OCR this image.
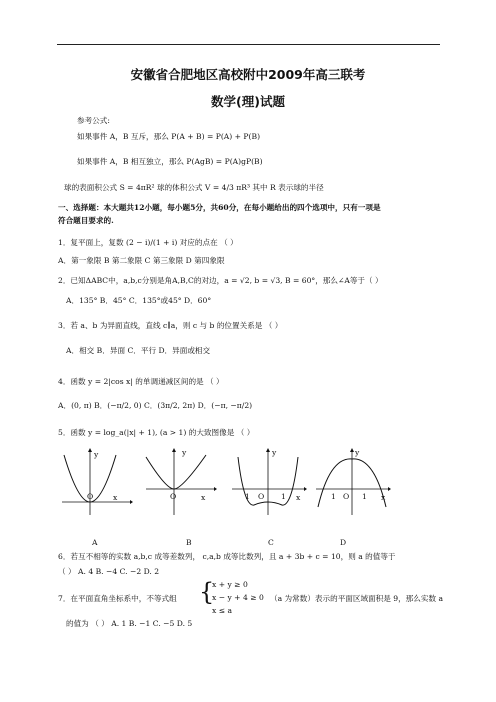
安徽省合肥地区高校附中2009年高三联考
数学(理)试题
参考公式:
如果事件 A，B 互斥，那么 P(A + B) = P(A) + P(B)
如果事件 A，B 相互独立，那么 P(AgB) = P(A)gP(B)
球的表面积公式 S = 4πR² 球的体积公式 V = 4/3 πR³ 其中 R 表示球的半径
一、选择题：本大题共12小题，每小题5分，共60分，在每小题给出的四个选项中，只有一项是
符合题目要求的.
1．复平面上，复数 (2 − i)/(1 + i) 对应的点在 （ ）
A．第一象限 B 第二象限 C 第三象限 D 第四象限
2．已知ΔABC中，a,b,c分别是角A,B,C的对边，a = √2, b = √3, B = 60°，那么∠A等于（ ）
A．135° B．45° C．135°或45° D．60°
3．若 a、b 为异面直线，直线 c∥a，则 c 与 b 的位置关系是 （ ）
A．相交 B．异面 C．平行 D．异面或相交
4．函数 y = 2|cos x| 的单调递减区间的是 （ ）
A．(0, π) B．(−π/2, 0) C．(3π/2, 2π) D．(−π, −π/2)
5．函数 y = log_a(|x| + 1), (a > 1) 的大致图像是 （ ）
y
O	x
y
O	x
y
1 O 1 x
y
1 O 1 x
A	B	C	D
6．若互不相等的实数 a,b,c 成等差数列， c,a,b 成等比数列，且 a + 3b + c = 10，则 a 的值等于
（ ） A. 4 B. −4 C. −2 D. 2
7．在平面直角坐标系中，不等式组 {
x + y ≥ 0
x − y + 4 ≥ 0
x ≤ a
（a 为常数）表示的平面区域面积是 9，那么实数 a
的值为 （ ） A. 1 B. −1 C. −5 D. 5
